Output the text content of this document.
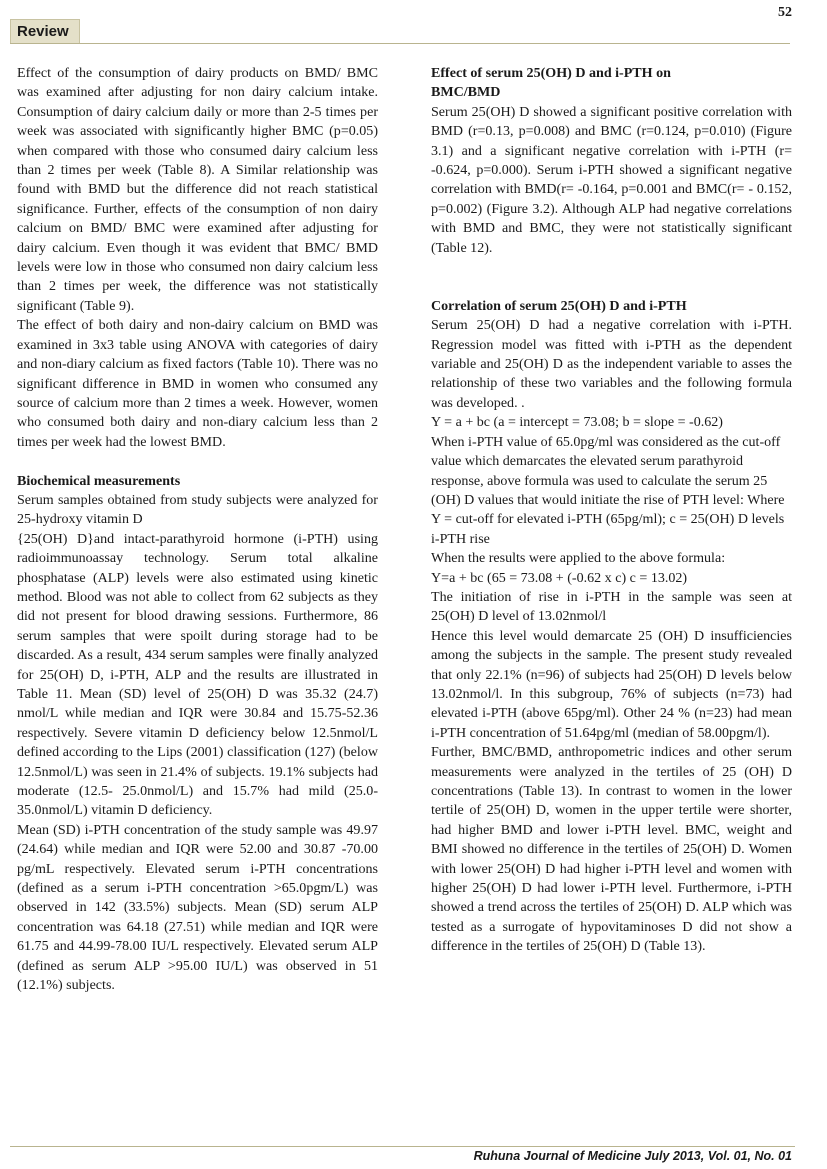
52
Review

Effect of the consumption of dairy products on BMD/ BMC was examined after adjusting for non dairy calcium intake. Consumption of dairy calcium daily or more than 2-5 times per week was associated with significantly higher BMC (p=0.05) when compared with those who consumed dairy calcium less than 2 times per week (Table 8). A Similar relationship was found with BMD but the difference did not reach statistical significance. Further, effects of the consumption of non dairy calcium on BMD/ BMC were examined after adjusting for dairy calcium. Even though it was evident that BMC/ BMD levels were low in those who consumed non dairy calcium less than 2 times per week, the difference was not statistically significant (Table 9).

The effect of both dairy and non-dairy calcium on BMD was examined in 3x3 table using ANOVA with categories of dairy and non-diary calcium as fixed factors (Table 10). There was no significant difference in BMD in women who consumed any source of calcium more than 2 times a week. However, women who consumed both dairy and non-diary calcium less than 2 times per week had the lowest BMD.

Biochemical measurements

Serum samples obtained from study subjects were analyzed for 25-hydroxy vitamin D

{25(OH) D}and intact-parathyroid hormone (i-PTH) using radioimmunoassay technology. Serum total alkaline phosphatase (ALP) levels were also estimated using kinetic method. Blood was not able to collect from 62 subjects as they did not present for blood drawing sessions. Furthermore, 86 serum samples that were spoilt during storage had to be discarded. As a result, 434 serum samples were finally analyzed for 25(OH) D, i-PTH, ALP and the results are illustrated in Table 11. Mean (SD) level of 25(OH) D was 35.32 (24.7) nmol/L while median and IQR were 30.84 and 15.75-52.36 respectively. Severe vitamin D deficiency below 12.5nmol/L defined according to the Lips (2001) classification (127) (below 12.5nmol/L) was seen in 21.4% of subjects. 19.1% subjects had moderate (12.5- 25.0nmol/L) and 15.7% had mild (25.0-35.0nmol/L) vitamin D deficiency.

Mean (SD) i-PTH concentration of the study sample was 49.97 (24.64) while median and IQR were 52.00 and 30.87 -70.00 pg/mL respectively. Elevated serum i-PTH concentrations (defined as a serum i-PTH concentration >65.0pgm/L) was observed in 142 (33.5%) subjects. Mean (SD) serum ALP concentration was 64.18 (27.51) while median and IQR were 61.75 and 44.99-78.00 IU/L respectively. Elevated serum ALP (defined as serum ALP >95.00 IU/L) was observed in 51 (12.1%) subjects.

Effect of serum 25(OH) D and i-PTH on

BMC/BMD

Serum 25(OH) D showed a significant positive correlation with BMD (r=0.13, p=0.008) and BMC (r=0.124, p=0.010) (Figure 3.1) and a significant negative correlation with i-PTH (r= -0.624, p=0.000). Serum i-PTH showed a significant negative correlation with BMD(r= -0.164, p=0.001 and BMC(r= - 0.152, p=0.002) (Figure 3.2). Although ALP had negative correlations with BMD and BMC, they were not statistically significant (Table 12).

Correlation of serum 25(OH) D and i-PTH

Serum 25(OH) D had a negative correlation with i-PTH. Regression model was fitted with i-PTH as the dependent variable and 25(OH) D as the independent variable to asses the relationship of these two variables and the following formula was developed. .

Y = a + bc (a = intercept = 73.08; b = slope = -0.62)

When i-PTH value of 65.0pg/ml was considered as the cut-off value which demarcates the elevated serum parathyroid response, above formula was used to calculate the serum 25 (OH) D values that would initiate the rise of PTH level: Where

Y = cut-off for elevated i-PTH (65pg/ml); c = 25(OH) D levels i-PTH rise

When the results were applied to the above formula:

Y=a + bc (65 = 73.08 + (-0.62 x c) c = 13.02)

The initiation of rise in i-PTH in the sample was seen at 25(OH) D level of 13.02nmol/l

Hence this level would demarcate 25 (OH) D insufficiencies among the subjects in the sample. The present study revealed that only 22.1% (n=96) of subjects had 25(OH) D levels below 13.02nmol/l. In this subgroup, 76% of subjects (n=73) had elevated i-PTH (above 65pg/ml). Other 24 % (n=23) had mean i-PTH concentration of 51.64pg/ml (median of 58.00pgm/l).

Further, BMC/BMD, anthropometric indices and other serum measurements were analyzed in the tertiles of 25 (OH) D concentrations (Table 13). In contrast to women in the lower tertile of 25(OH) D, women in the upper tertile were shorter, had higher BMD and lower i-PTH level. BMC, weight and BMI showed no difference in the tertiles of 25(OH) D. Women with lower 25(OH) D had higher i-PTH level and women with higher 25(OH) D had lower i-PTH level. Furthermore, i-PTH showed a trend across the tertiles of 25(OH) D. ALP which was tested as a surrogate of hypovitaminoses D did not show a difference in the tertiles of 25(OH) D (Table 13).

Ruhuna Journal of Medicine July 2013, Vol. 01, No. 01
